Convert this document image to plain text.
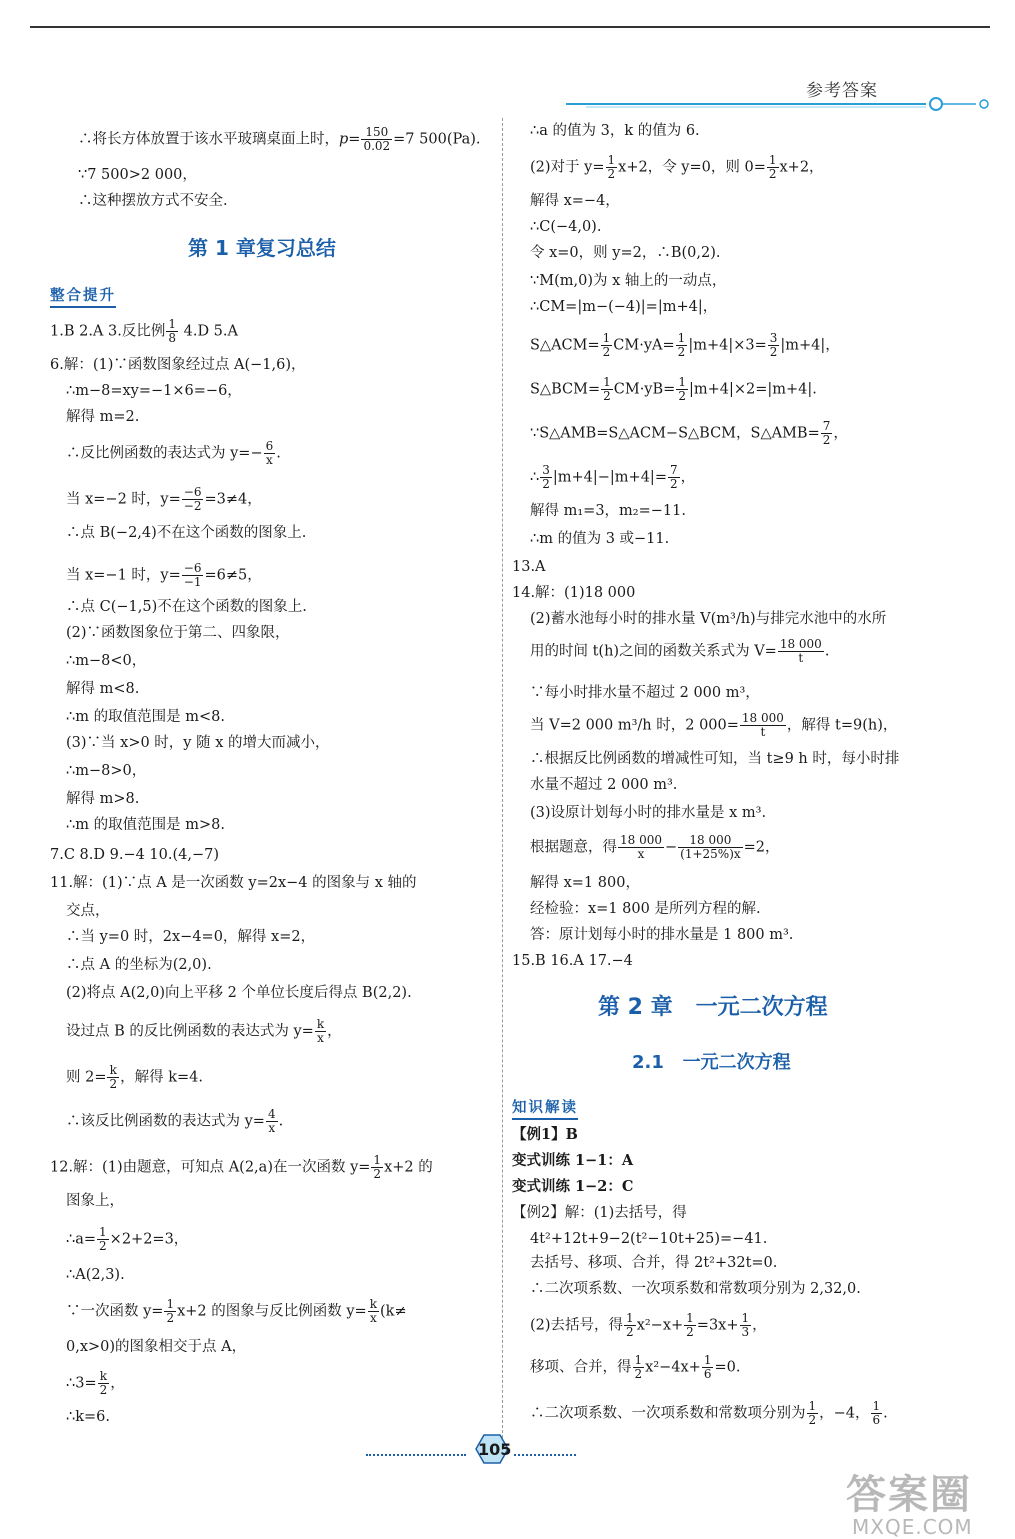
参考答案
∴将长方体放置于该水平玻璃桌面上时，$p= \frac{150}{0.02} =7$ 500(Pa).
∵7 500>2 000，
∴这种摆放方式不安全.
第 1 章复习总结
整合提升
1.B 2.A 3.反比例 $\frac{1}{8} 4.D$ 5.A
6.解：(1)∵函数图象经过点 A(−1,6)，
∴m−8=xy=−1×6=−6，
解得 m=2.
∴反比例函数的表达式为 $y=- \frac{6}{x}$ .
当 x=−2 时，$y= \frac{-6}{-2} =3\ne 4$，
∴点 B(−2,4)不在这个函数的图象上.
当 x=−1 时，$y= \frac{-6}{-1} =6\ne 5$，
∴点 C(−1,5)不在这个函数的图象上.
(2)∵函数图象位于第二、四象限，
∴m−8<0，
解得 m<8.
∴m 的取值范围是 m<8.
(3)∵当 x>0 时，y 随 x 的增大而减小，
∴m−8>0，
解得 m>8.
∴m 的取值范围是 m>8.
7.C 8.D 9.−4 10.(4,−7)
11.解：(1)∵点 A 是一次函数 y=2x−4 的图象与 x 轴的
交点，
∴当 y=0 时，2x−4=0，解得 x=2，
∴点 A 的坐标为(2,0).
(2)将点 A(2,0)向上平移 2 个单位长度后得点 B(2,2).
设过点 B 的反比例函数的表达式为 $y= \frac{k}{x}$ ，
则 $2= \frac{k}{2}$ ，解得 k=4.
∴该反比例函数的表达式为 $y= \frac{4}{x}$ .
12.解：(1)由题意，可知点 A(2,a)在一次函数 $y= \frac{1}{2} x+2$ 的
图象上，
∴a= $\frac{1}{2} \times 2+2=3$，
∴A(2,3).
∵一次函数 $y= \frac{1}{2} x+2$ 的图象与反比例函数 $y= \frac{k}{x} (k\ne$
0,x>0)的图象相交于点 A，
∴3= $\frac{k}{2}$ ，
∴k=6.
∴a 的值为 3，k 的值为 6.
(2)对于 $y= \frac{1}{2} x+2$，令 y=0，则 $0= \frac{1}{2} x+2$，
解得 x=−4，
∴C(−4,0).
令 x=0，则 y=2，∴B(0,2).
∵M(m,0)为 x 轴上的一动点，
∴CM=|m−(−4)|=|m+4|，
S△ACM= $\frac{1}{2} CM\cdot yA= \frac{1}{2} |m+4|\times 3= \frac{3}{2} |m+4|$，
S△BCM= $\frac{1}{2} CM\cdot yB= \frac{1}{2} |m+4|\times 2=|m+4|$.
∵S△AMB=S△ACM−S△BCM，S△AMB= $\frac{7}{2}$ ，
∴ $\frac{3}{2} |m+4|-|m+4|= \frac{7}{2}$ ，
解得 m₁=3，m₂=−11.
∴m 的值为 3 或−11.
13.A
14.解：(1)18 000
(2)蓄水池每小时的排水量 V(m³/h)与排完水池中的水所
用的时间 t(h)之间的函数关系式为 $V= \frac{18 000}{t}$ .
∵每小时排水量不超过 2 000 m³，
当 V=2 000 m³/h 时，2 $000= \frac{18 000}{t}$ ，解得 t=9(h)，
∴根据反比例函数的增减性可知，当 t≥9 h 时，每小时排
水量不超过 2 000 m³.
(3)设原计划每小时的排水量是 x m³.
根据题意，得 $\frac{18 000}{x} - \frac{18 000}{(1+25\%)x} =2$，
解得 x=1 800，
经检验：x=1 800 是所列方程的解.
答：原计划每小时的排水量是 1 800 m³.
15.B 16.A 17.−4
第 2 章   一元二次方程
2.1   一元二次方程
知识解读
【例1】B
变式训练 1−1：A
变式训练 1−2：C
【例2】解：(1)去括号，得
4t²+12t+9−2(t²−10t+25)=−41.
去括号、移项、合并，得 2t²+32t=0.
∴二次项系数、一次项系数和常数项分别为 2,32,0.
(2)去括号，得 $\frac{1}{2} x^2-x+ \frac{1}{2} =3x+ \frac{1}{3}$ ，
移项、合并，得 $\frac{1}{2} x^2-4x+ \frac{1}{6} =0$.
∴二次项系数、一次项系数和常数项分别为 $\frac{1}{2}$ ，−4， $\frac{1}{6}$ .
105
答案圈
MXQE.COM
